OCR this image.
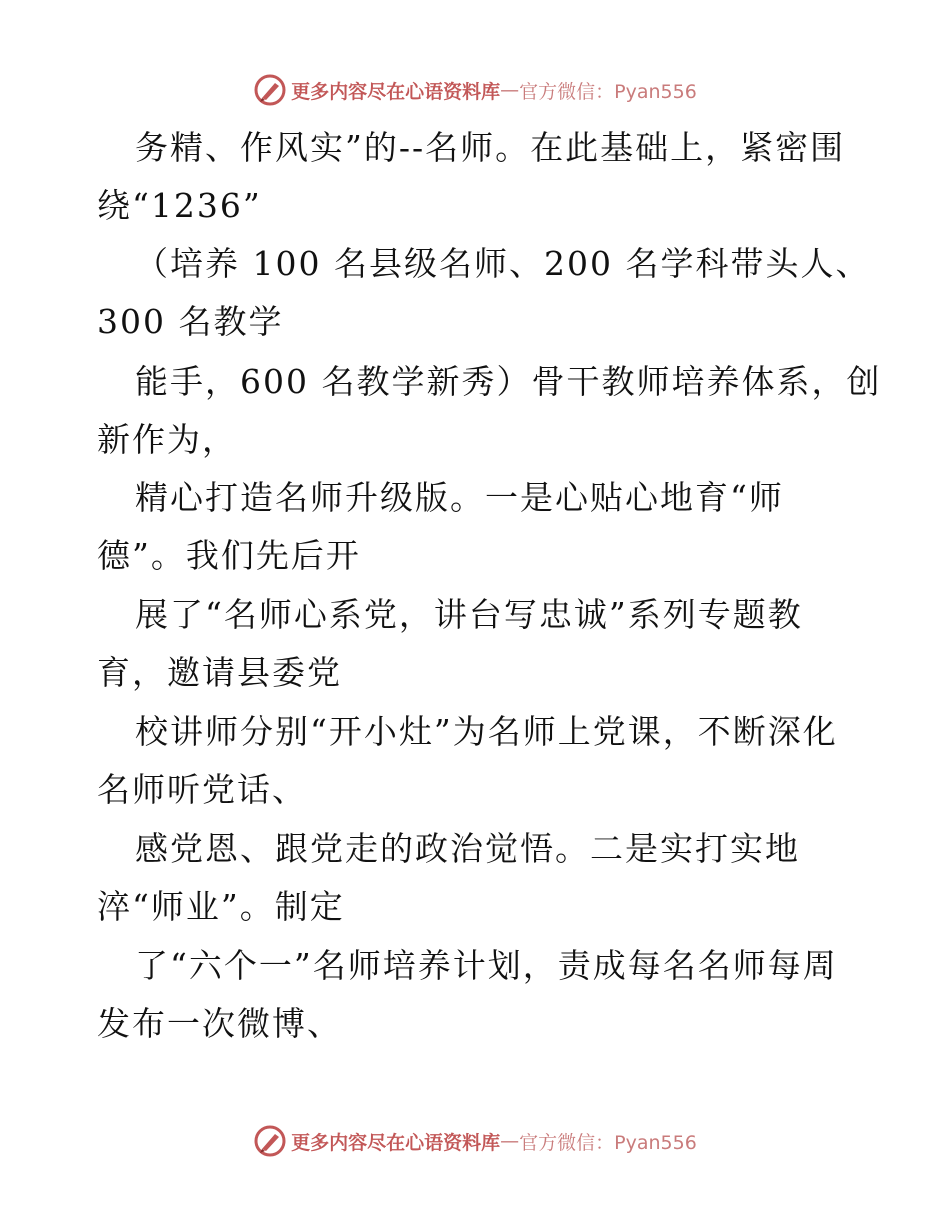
更多内容尽在心语资料库 — 官方微信：Pyan556
务精、作风实”的--名师。在此基础上，紧密围
绕“1236”
（培养 100 名县级名师、200 名学科带头人、
300 名教学
能手，600 名教学新秀）骨干教师培养体系，创
新作为，
精心打造名师升级版。一是心贴心地育“师
德”。我们先后开
展了“名师心系党，讲台写忠诚”系列专题教
育，邀请县委党
校讲师分别“开小灶”为名师上党课，不断深化
名师听党话、
感党恩、跟党走的政治觉悟。二是实打实地
淬“师业”。制定
了“六个一”名师培养计划，责成每名名师每周
发布一次微博、
更多内容尽在心语资料库 — 官方微信：Pyan556
